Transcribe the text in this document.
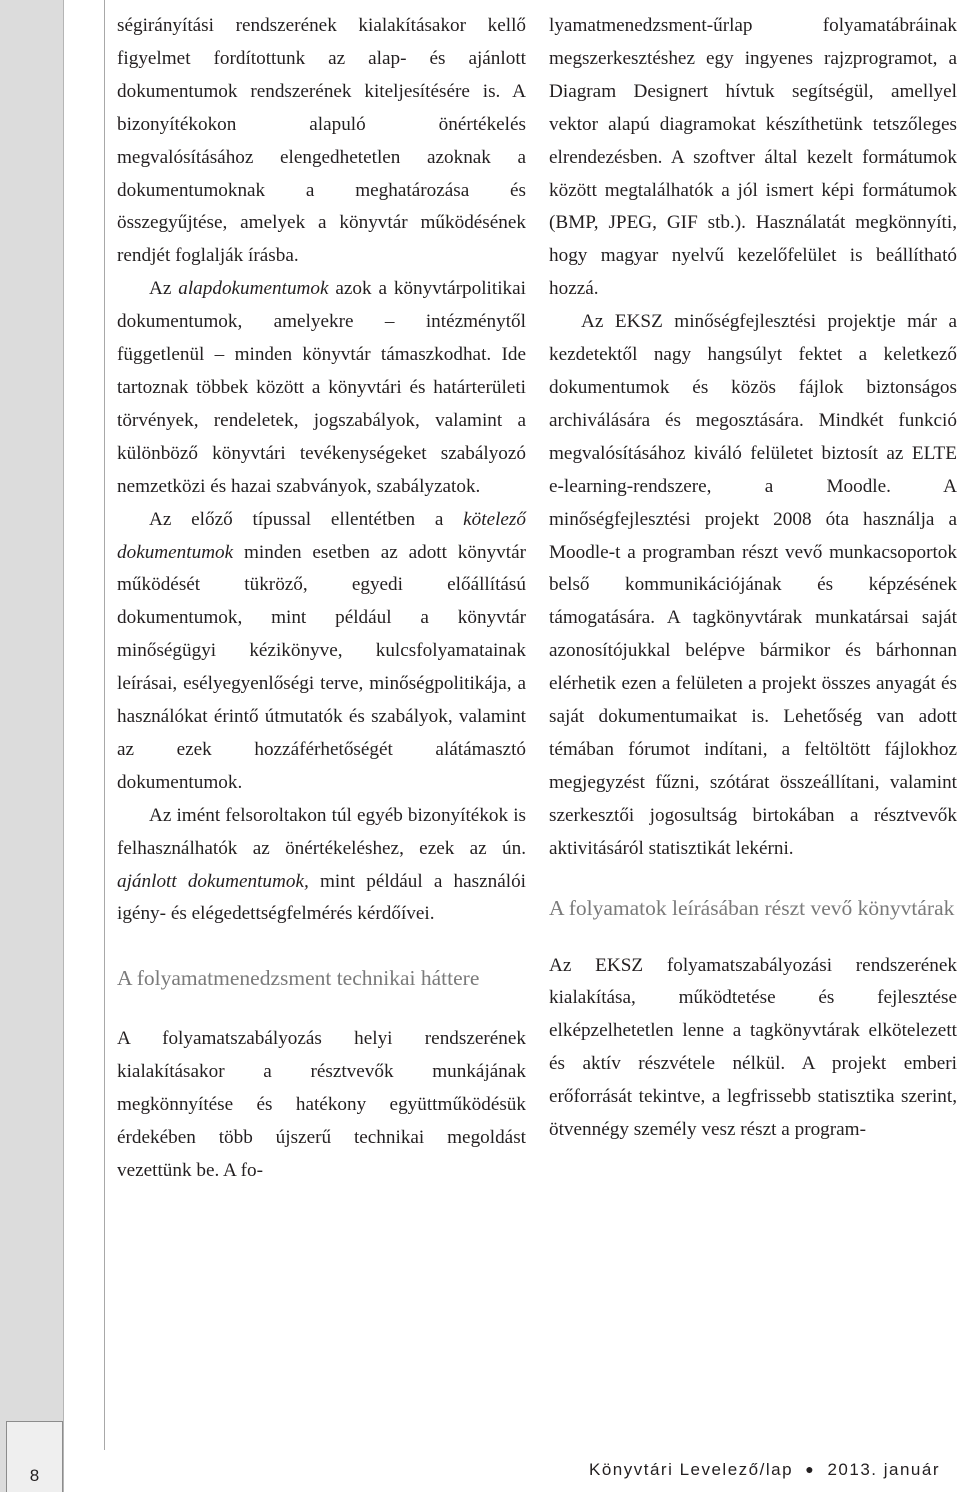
8

ségirányítási rendszerének kialakításakor kellő figyelmet fordítottunk az alap- és ajánlott dokumentumok rendszerének kiteljesítésére is. A bizonyítékokon alapuló önértékelés megvalósításához elengedhetetlen azoknak a dokumentumoknak a meghatározása és összegyűjtése, amelyek a könyvtár működésének rendjét foglalják írásba.

Az alapdokumentumok azok a könyvtárpolitikai dokumentumok, amelyekre – intézménytől függetlenül – minden könyvtár támaszkodhat. Ide tartoznak többek között a könyvtári és határterületi törvények, rendeletek, jogszabályok, valamint a különböző könyvtári tevékenységeket szabályozó nemzetközi és hazai szabványok, szabályzatok.

Az előző típussal ellentétben a kötelező dokumentumok minden esetben az adott könyvtár működését tükröző, egyedi előállítású dokumentumok, mint például a könyvtár minőségügyi kézikönyve, kulcsfolyamatainak leírásai, esélyegyenlőségi terve, minőségpolitikája, a használókat érintő útmutatók és szabályok, valamint az ezek hozzáférhetőségét alátámasztó dokumentumok.

Az imént felsoroltakon túl egyéb bizonyítékok is felhasználhatók az önértékeléshez, ezek az ún. ajánlott dokumentumok, mint például a használói igény- és elégedettségfelmérés kérdőívei.

A folyamatmenedzsment technikai háttere

A folyamatszabályozás helyi rendszerének kialakításakor a résztvevők munkájának megkönnyítése és hatékony együttműködésük érdekében több újszerű technikai megoldást vezettünk be. A fo-

lyamatmenedzsment-űrlap folyamatábráinak megszerkesztéshez egy ingyenes rajzprogramot, a Diagram Designert hívtuk segítségül, amellyel vektor alapú diagramokat készíthetünk tetszőleges elrendezésben. A szoftver által kezelt formátumok között megtalálhatók a jól ismert képi formátumok (BMP, JPEG, GIF stb.). Használatát megkönnyíti, hogy magyar nyelvű kezelőfelület is beállítható hozzá.

Az EKSZ minőségfejlesztési projektje már a kezdetektől nagy hangsúlyt fektet a keletkező dokumentumok és közös fájlok biztonságos archiválására és megosztására. Mindkét funkció megvalósításához kiváló felületet biztosít az ELTE e-learning-rendszere, a Moodle. A minőségfejlesztési projekt 2008 óta használja a Moodle-t a programban részt vevő munkacsoportok belső kommunikációjának és képzésének támogatására. A tagkönyvtárak munkatársai saját azonosítójukkal belépve bármikor és bárhonnan elérhetik ezen a felületen a projekt összes anyagát és saját dokumentumaikat is. Lehetőség van adott témában fórumot indítani, a feltöltött fájlokhoz megjegyzést fűzni, szótárat összeállítani, valamint szerkesztői jogosultság birtokában a résztvevők aktivitásáról statisztikát lekérni.

A folyamatok leírásában részt vevő könyvtárak

Az EKSZ folyamatszabályozási rendszerének kialakítása, működtetése és fejlesztése elképzelhetetlen lenne a tagkönyvtárak elkötelezett és aktív részvétele nélkül. A projekt emberi erőforrását tekintve, a legfrissebb statisztika szerint, ötvennégy személy vesz részt a program-

Könyvtári Levelező/lap ● 2013. január
